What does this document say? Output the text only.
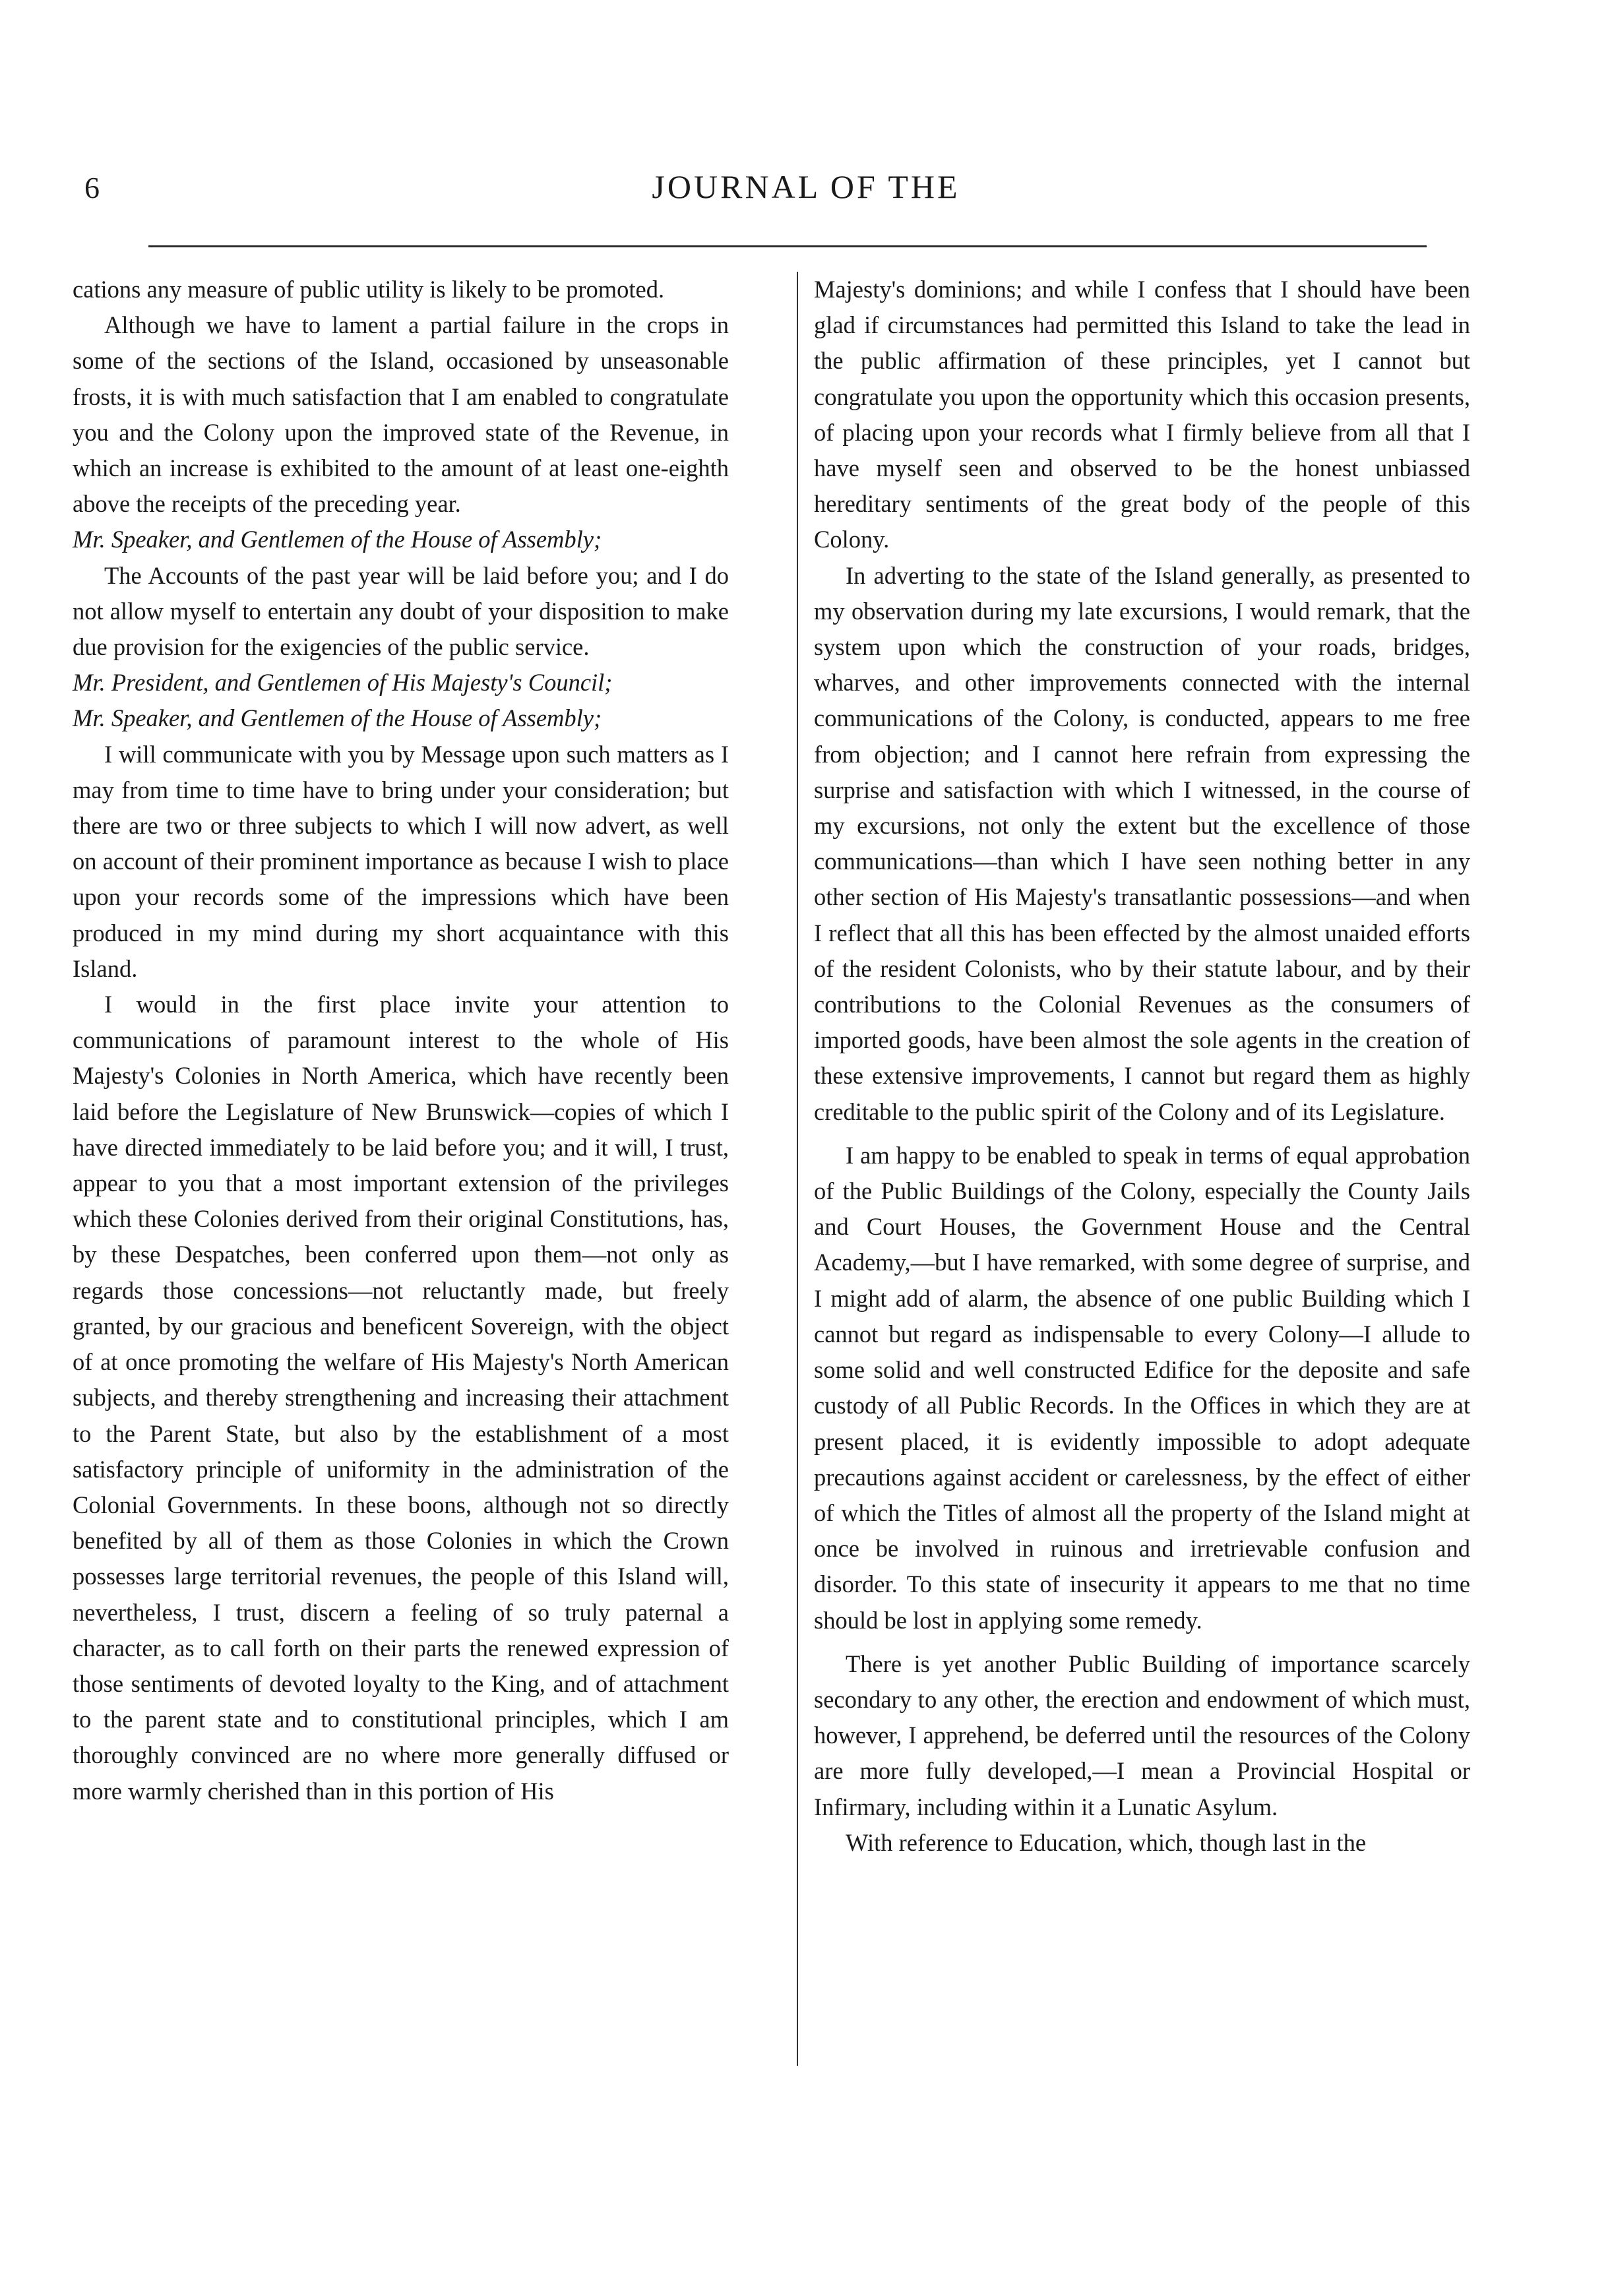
6	JOURNAL OF THE

cations any measure of public utility is likely to be promoted.

Although we have to lament a partial failure in the crops in some of the sections of the Island, occasioned by unseasonable frosts, it is with much satisfaction that I am enabled to congratulate you and the Colony upon the improved state of the Revenue, in which an increase is exhibited to the amount of at least one-eighth above the receipts of the preceding year.

Mr. Speaker, and Gentlemen of the House of Assembly;

The Accounts of the past year will be laid before you; and I do not allow myself to entertain any doubt of your disposition to make due provision for the exigencies of the public service.

Mr. President, and Gentlemen of His Majesty's Council;

Mr. Speaker, and Gentlemen of the House of Assembly;

I will communicate with you by Message upon such matters as I may from time to time have to bring under your consideration; but there are two or three subjects to which I will now advert, as well on account of their prominent importance as because I wish to place upon your records some of the impressions which have been produced in my mind during my short acquaintance with this Island.

I would in the first place invite your attention to communications of paramount interest to the whole of His Majesty's Colonies in North America, which have recently been laid before the Legislature of New Brunswick—copies of which I have directed immediately to be laid before you; and it will, I trust, appear to you that a most important extension of the privileges which these Colonies derived from their original Constitutions, has, by these Despatches, been conferred upon them—not only as regards those concessions—not reluctantly made, but freely granted, by our gracious and beneficent Sovereign, with the object of at once promoting the welfare of His Majesty's North American subjects, and thereby strengthening and increasing their attachment to the Parent State, but also by the establishment of a most satisfactory principle of uniformity in the administration of the Colonial Governments. In these boons, although not so directly benefited by all of them as those Colonies in which the Crown possesses large territorial revenues, the people of this Island will, nevertheless, I trust, discern a feeling of so truly paternal a character, as to call forth on their parts the renewed expression of those sentiments of devoted loyalty to the King, and of attachment to the parent state and to constitutional principles, which I am thoroughly convinced are no where more generally diffused or more warmly cherished than in this portion of His

Majesty's dominions; and while I confess that I should have been glad if circumstances had permitted this Island to take the lead in the public affirmation of these principles, yet I cannot but congratulate you upon the opportunity which this occasion presents, of placing upon your records what I firmly believe from all that I have myself seen and observed to be the honest unbiassed hereditary sentiments of the great body of the people of this Colony.

In adverting to the state of the Island generally, as presented to my observation during my late excursions, I would remark, that the system upon which the construction of your roads, bridges, wharves, and other improvements connected with the internal communications of the Colony, is conducted, appears to me free from objection; and I cannot here refrain from expressing the surprise and satisfaction with which I witnessed, in the course of my excursions, not only the extent but the excellence of those communications—than which I have seen nothing better in any other section of His Majesty's transatlantic possessions—and when I reflect that all this has been effected by the almost unaided efforts of the resident Colonists, who by their statute labour, and by their contributions to the Colonial Revenues as the consumers of imported goods, have been almost the sole agents in the creation of these extensive improvements, I cannot but regard them as highly creditable to the public spirit of the Colony and of its Legislature.

I am happy to be enabled to speak in terms of equal approbation of the Public Buildings of the Colony, especially the County Jails and Court Houses, the Government House and the Central Academy,—but I have remarked, with some degree of surprise, and I might add of alarm, the absence of one public Building which I cannot but regard as indispensable to every Colony—I allude to some solid and well constructed Edifice for the deposite and safe custody of all Public Records. In the Offices in which they are at present placed, it is evidently impossible to adopt adequate precautions against accident or carelessness, by the effect of either of which the Titles of almost all the property of the Island might at once be involved in ruinous and irretrievable confusion and disorder. To this state of insecurity it appears to me that no time should be lost in applying some remedy.

There is yet another Public Building of importance scarcely secondary to any other, the erection and endowment of which must, however, I apprehend, be deferred until the resources of the Colony are more fully developed,—I mean a Provincial Hospital or Infirmary, including within it a Lunatic Asylum.

With reference to Education, which, though last in the
